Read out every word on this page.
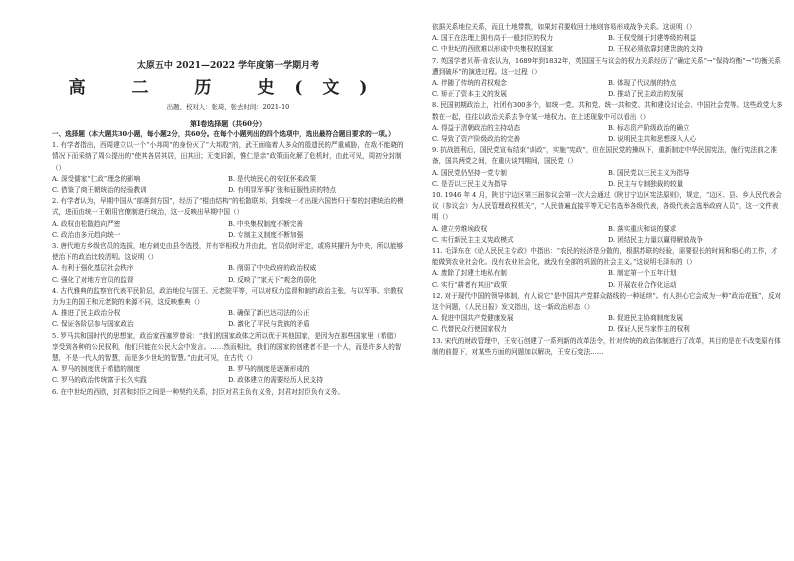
太原五中 2021—2022 学年度第一学期月考
高 二 历 史(文)
出题、校对人：张琦、张去时间：2021-10
第Ⅰ卷选择题（共60分）

一、选择题（本大题共30小题，每小题2分，共60分。在每个小题列出的四个选项中，选出最符合题目要求的一项。）

1. 有学者指出，西周建立以一个“小邦周”的身份灭了“大邦殷”的，武王面临着人多众的殷遗民的严重威胁，在敌不能晓的情况下而采纳了周公提出的“使其各居其居，田其田；无变旧新，惟仁是亲”政策而化解了危机时，由此可见，周初分封制（）

A. 深受儒家“仁政”理念的影响	B. 是代统民心的安抚怀柔政策
C. 借鉴了商王朝统治的经验教训	D. 有明显军事扩张和征服性质的特点

2. 有学者认为，早期中国从“部落到方国”，经历了“棍由结构”的松散联邦，到秦统一才出现六国皆归于秦的封建统治的模式，进而由统一王朝用官僚制进行统治，这一反映出早期中国（）

A. 政权由松散趋向严密	B. 中央集权制度不断完善
C. 政治由多元趋向统一	D. 专制主义制度不断加强

3. 唐代地方乡级官员的选拔，地方刺史由县令选授，并有宰相权力并由此，官员依时评定，或将其擢升为中央，所以能够使治下的政治比较清明。这说明（）

A. 有利于强化基层社会秩序	B. 削弱了中央政府的政治权威
C. 强化了对地方官员的监督	D. 反映了“家天下”观念的弱化

4. 古代雅典的监察官代表平民阶层，政治地位与国王、元老院平等，可以对权力监督和制约政治主张，与以军事、宗教权力为主的国王和元老院的来源不同，这反映雅典（）

A. 推进了民主政治分权	B. 确保了新巴达司法的公正
C. 保证各阶层参与国家政治	D. 激化了平民与贵族的矛盾

5. 罗马共和国时代的思想家，政治家西塞罗曾说：“我们的国家政体之所以优于其他国家，是因为在那些国家里（希腊）享受到各种的公民权利，他们只能在公民大会中发言。……然而相比，我们的国家的创建者不是一个人，而是许多人的智慧，不是一代人的智慧，而是多少世纪的智慧。”由此可见，在古代（）

A. 罗马的制度优于希腊的制度	B. 罗马的制度是逐渐形成的
C. 罗马的政治传统富于长久实践	D. 政体建立的需要经历人民支持

6. 在中世纪的西欧，封君和封臣之间是一种契约关系，封臣对君主负有义务，封君对封臣负有义务。

依据关系地位关系，而且土地带数，如果封君要收回土地则容易形成战争关系。这说明（）

A. 国王在法理上拥有高于一般封臣的权力	B. 王权受制于封建等级的利益
C. 中世纪的西欧难以形成中央集权的国家	D. 王权必须依靠封建贵族的支持

7. 英国学者贝蒂·肯农认为，1689年到1832年，英国国王与议会的权力关系经历了“确定关系”→“保持均衡”→“均衡关系遭到破坏”的演进过程。这一过程（）

A. 伴随了传统的君权观念	B. 体现了代议制的特点
C. 矫正了资本主义的发展	D. 推动了民主政治的发展

8. 民国初期政治上，社团有300多个，如统一党、共和党、统一共和党、共和建设讨论会、中国社会党等。这些政党大多数在一起，往往以政治关系去争夺某一地权力。在上述现象中可以看出（）

A. 得益于清朝政治的主持动态	B. 标志资产阶级政治的确立
C. 导致了资产阶级政治的完善	D. 说明民主共和思想深入人心

9. 抗战胜利后，国民党宣布结束“训政”，实施“宪政”，但在国民党的操纵下，重新制定中华民国宪法，施行宪法前之准备，国共两党之间，在重庆谈判期间，国民党（）

A. 国民党仍坚持一党专制	B. 国民党以三民主义为指导
C. 是否以三民主义为指导	D. 民主与专制独裁的较量

10. 1946 年 4 月，陕甘宁边区第三届参议会第一次大会通过《陕甘宁边区宪法原则》，规定，“边区、县、乡人民代表会议（参议会）为人民管理政权机关”，“人民普遍直接平等无记名选举各级代表，各级代表会选举政府人员”，这一文件表明（）

A. 建立劳维埃政权	B. 落实重庆和谈的要求
C. 实行新民主主义宪政模式	D. 团结民主力量以赢得解放战争

11. 毛泽东在《论人民民主专政》中指出：“农民的经济是分散的，根据苏联的经验，需要很长的时间和细心的工作，才能做到农业社会化。没有农业社会化，就没有全部的巩固的社会主义。”这说明毛泽东的（）

A. 废除了封建土地私有制	B. 制定第一个五年计划
C. 实行“耕者有其田”政策	D. 开展农业合作化运动

12. 对于现代中国的领导体制，有人说它“是中国共产党群众路线的一种延续”。有人担心它会成为一种“政治花瓶”，反对这个问题，《人民日报》发文指出，这一新政治形态（）

A. 促进中国共产党健康发展	B. 促进民主协商制度发展
C. 代替民众行使国家权力	D. 保证人民当家作主的权利

13. 宋代的财政管理中，王安石创建了一系列新的改革法令，针对传统的政治体制进行了改革，其目的是在不改变原有体制的前提下，对某些方面的问题加以解决，王安石变法……
